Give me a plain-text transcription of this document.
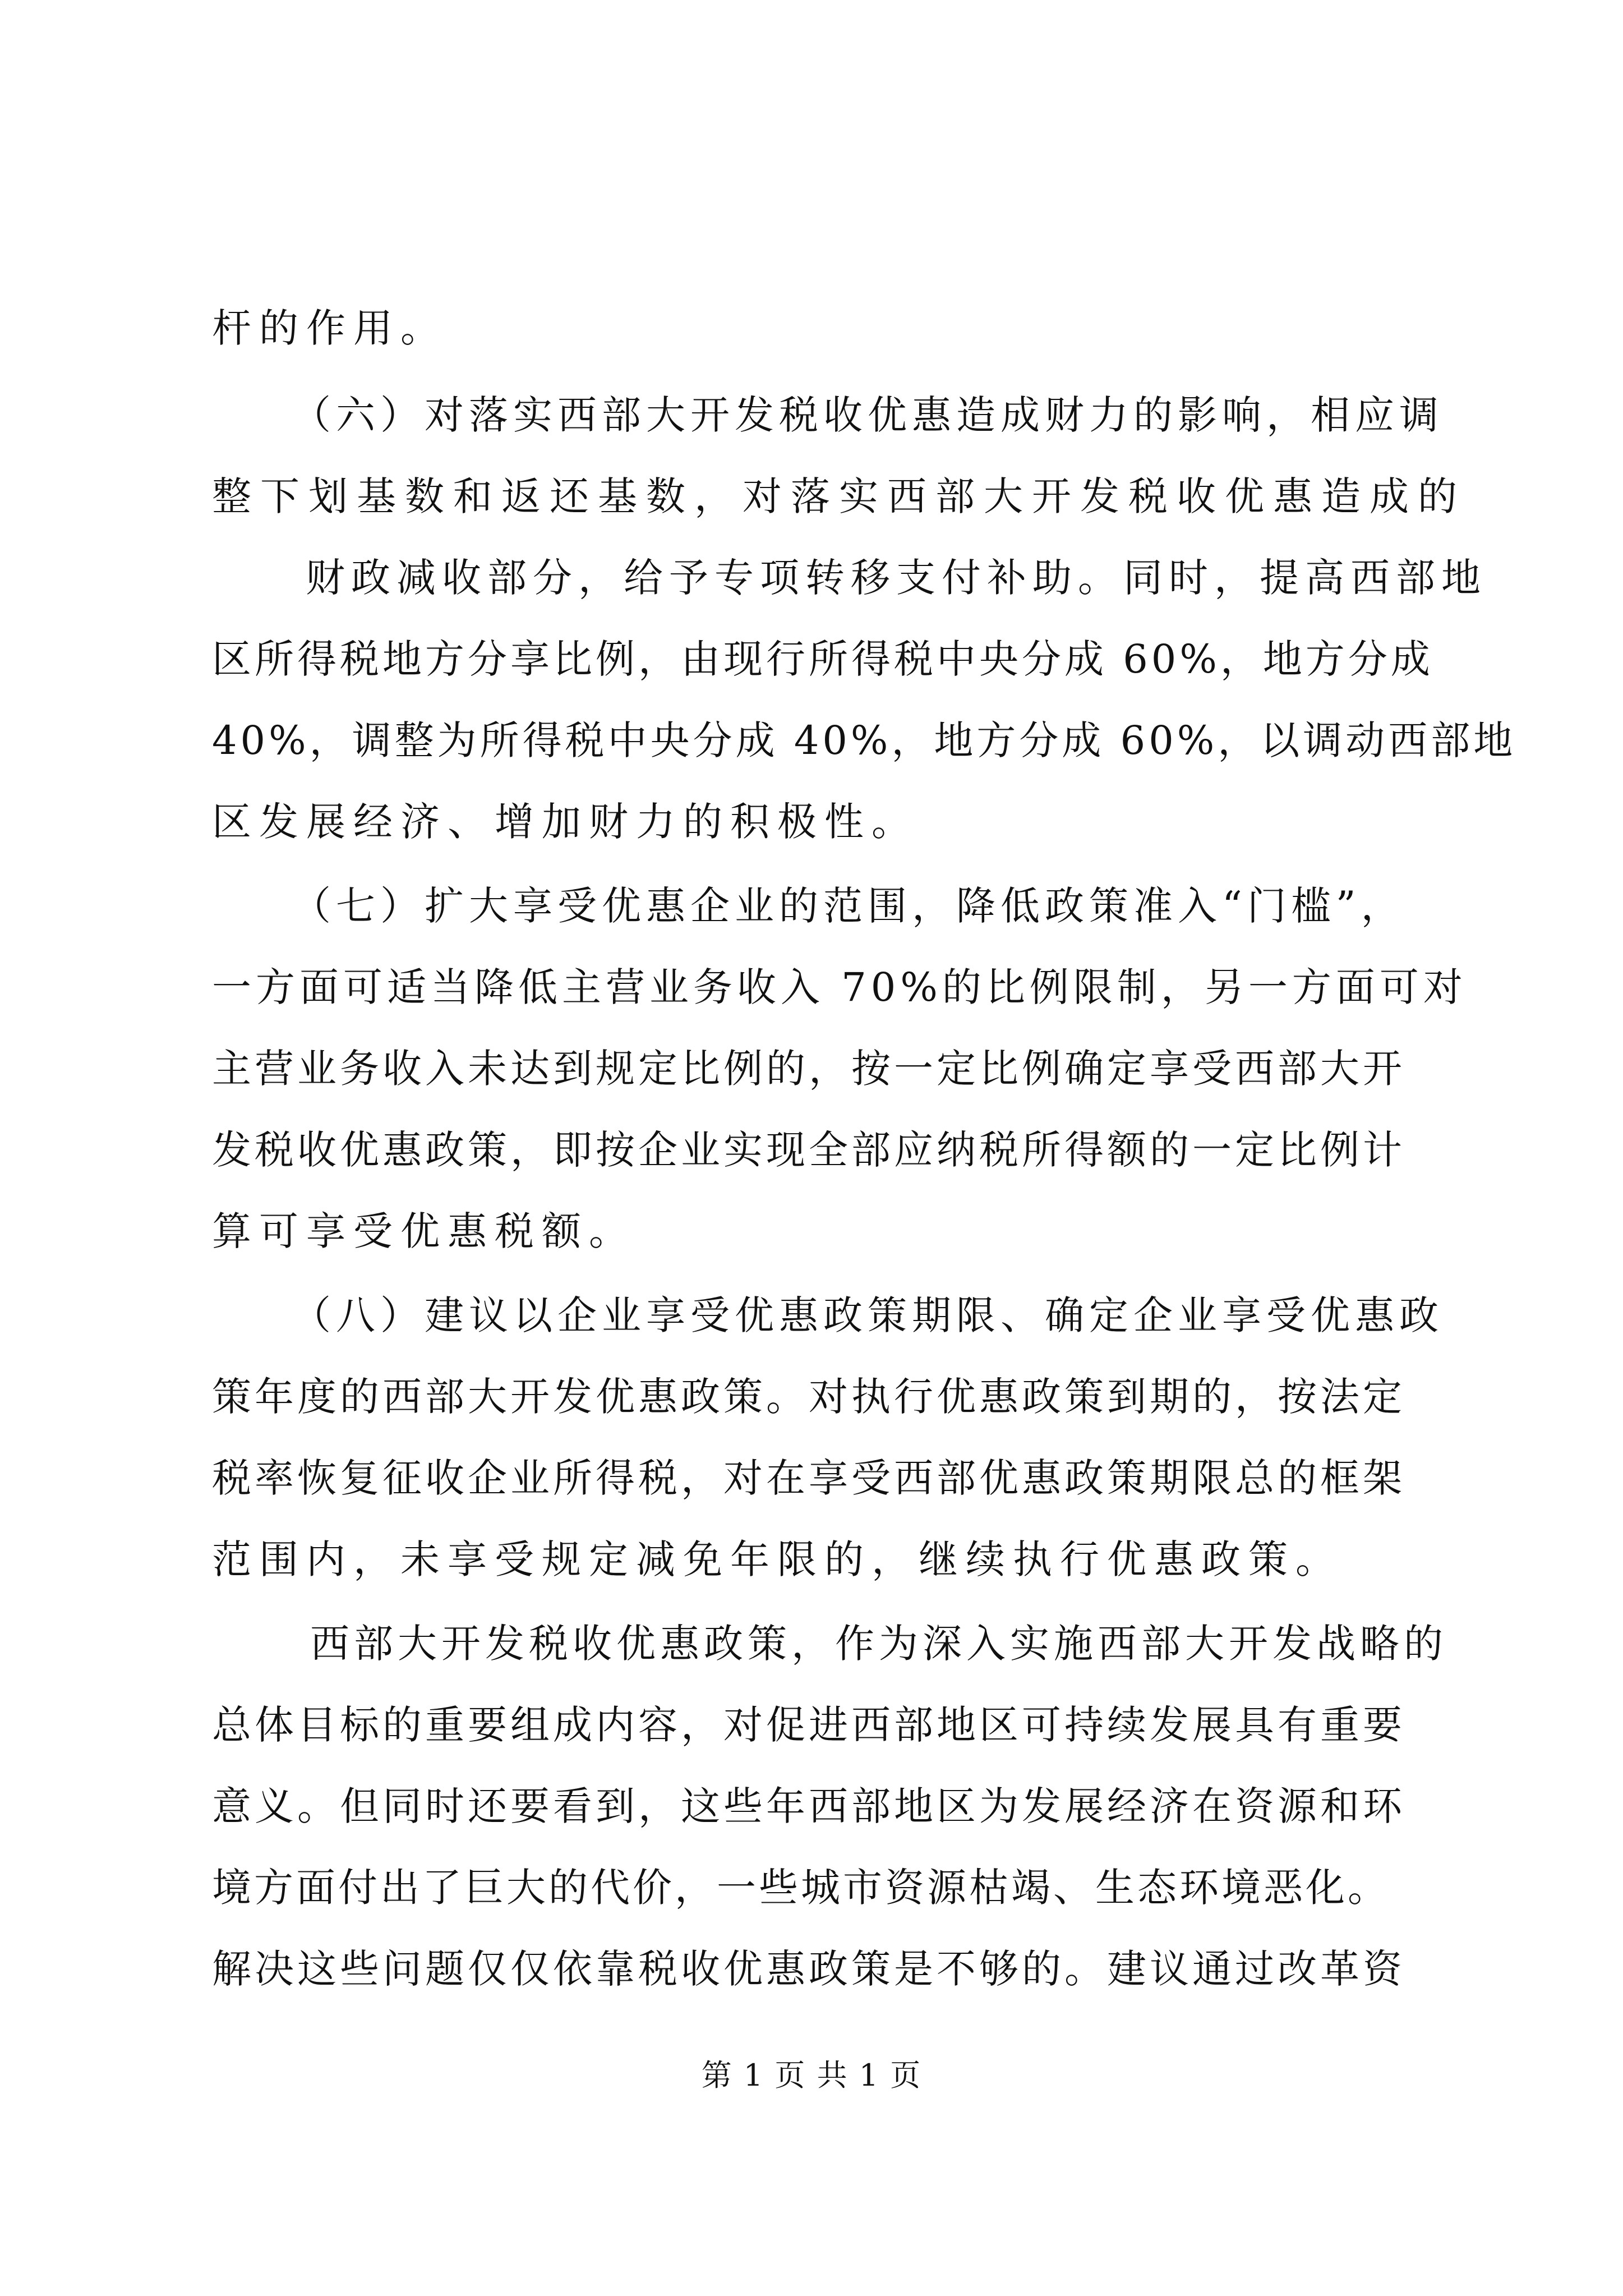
杆的作用。

（六）对落实西部大开发税收优惠造成财力的影响，相应调

整下划基数和返还基数，对落实西部大开发税收优惠造成的

财政减收部分，给予专项转移支付补助。同时，提高西部地

区所得税地方分享比例，由现行所得税中央分成 60%，地方分成

40%，调整为所得税中央分成 40%，地方分成 60%，以调动西部地

区发展经济、增加财力的积极性。

（七）扩大享受优惠企业的范围，降低政策准入“门槛”，

一方面可适当降低主营业务收入 70%的比例限制，另一方面可对

主营业务收入未达到规定比例的，按一定比例确定享受西部大开

发税收优惠政策，即按企业实现全部应纳税所得额的一定比例计

算可享受优惠税额。

（八）建议以企业享受优惠政策期限、确定企业享受优惠政

策年度的西部大开发优惠政策。对执行优惠政策到期的，按法定

税率恢复征收企业所得税，对在享受西部优惠政策期限总的框架

范围内，未享受规定减免年限的，继续执行优惠政策。

西部大开发税收优惠政策，作为深入实施西部大开发战略的

总体目标的重要组成内容，对促进西部地区可持续发展具有重要

意义。但同时还要看到，这些年西部地区为发展经济在资源和环

境方面付出了巨大的代价，一些城市资源枯竭、生态环境恶化。

解决这些问题仅仅依靠税收优惠政策是不够的。建议通过改革资

第 1 页 共 1 页
